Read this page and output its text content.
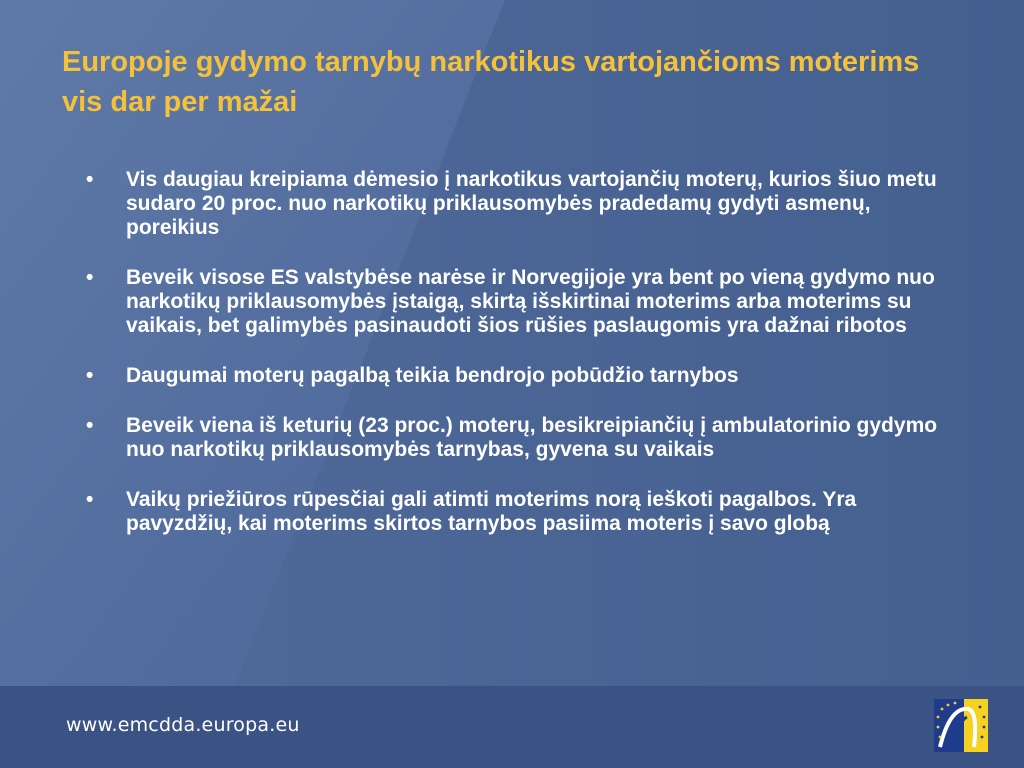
Europoje gydymo tarnybų narkotikus vartojančioms moterims vis dar per mažai
•	Vis daugiau kreipiama dėmesio į narkotikus vartojančių moterų, kurios šiuo metu sudaro 20 proc. nuo narkotikų priklausomybės pradedamų gydyti asmenų, poreikius
•	Beveik visose ES valstybėse narėse ir Norvegijoje yra bent po vieną gydymo nuo narkotikų priklausomybės įstaigą, skirtą išskirtinai moterims arba moterims su vaikais, bet galimybės pasinaudoti šios rūšies paslaugomis yra dažnai ribotos
•	Daugumai moterų pagalbą teikia bendrojo pobūdžio tarnybos
•	Beveik viena iš keturių (23 proc.) moterų, besikreipiančių į ambulatorinio gydymo nuo narkotikų priklausomybės tarnybas, gyvena su vaikais
•	Vaikų priežiūros rūpesčiai gali atimti moterims norą ieškoti pagalbos. Yra pavyzdžių, kai moterims skirtos tarnybos pasiima moteris į savo globą
www.emcdda.europa.eu
